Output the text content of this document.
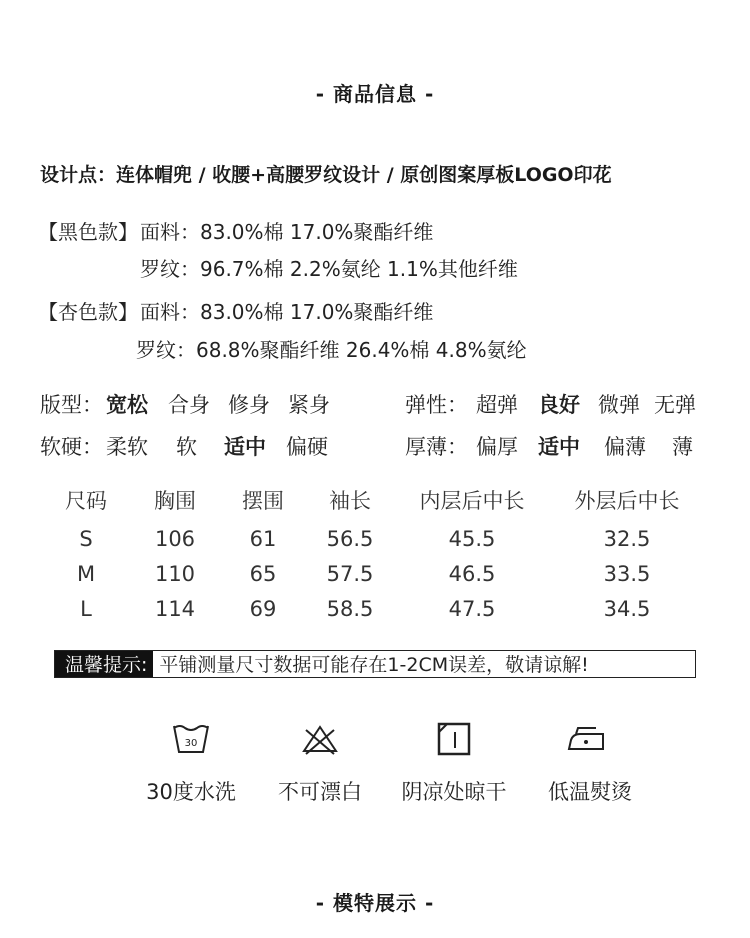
- 商品信息 -
设计点：连体帽兜 / 收腰+高腰罗纹设计 / 原创图案厚板LOGO印花
【黑色款】 面料：83.0%棉 17.0%聚酯纤维
罗纹：96.7%棉 2.2%氨纶 1.1%其他纤维
【杏色款】 面料：83.0%棉 17.0%聚酯纤维
罗纹：68.8%聚酯纤维 26.4%棉 4.8%氨纶
版型： 宽松 合身 修身 紧身	弹性： 超弹 良好 微弹 无弹
软硬： 柔软 软 适中 偏硬	厚薄： 偏厚 适中 偏薄 薄
尺码	胸围	摆围	袖长	内层后中长	外层后中长
S	106	61	56.5	45.5	32.5
M	110	65	57.5	46.5	33.5
L	114	69	58.5	47.5	34.5
温馨提示: 平铺测量尺寸数据可能存在1-2CM误差，敬请谅解!
30
30度水洗	不可漂白	阴凉处晾干	低温熨烫
- 模特展示 -
